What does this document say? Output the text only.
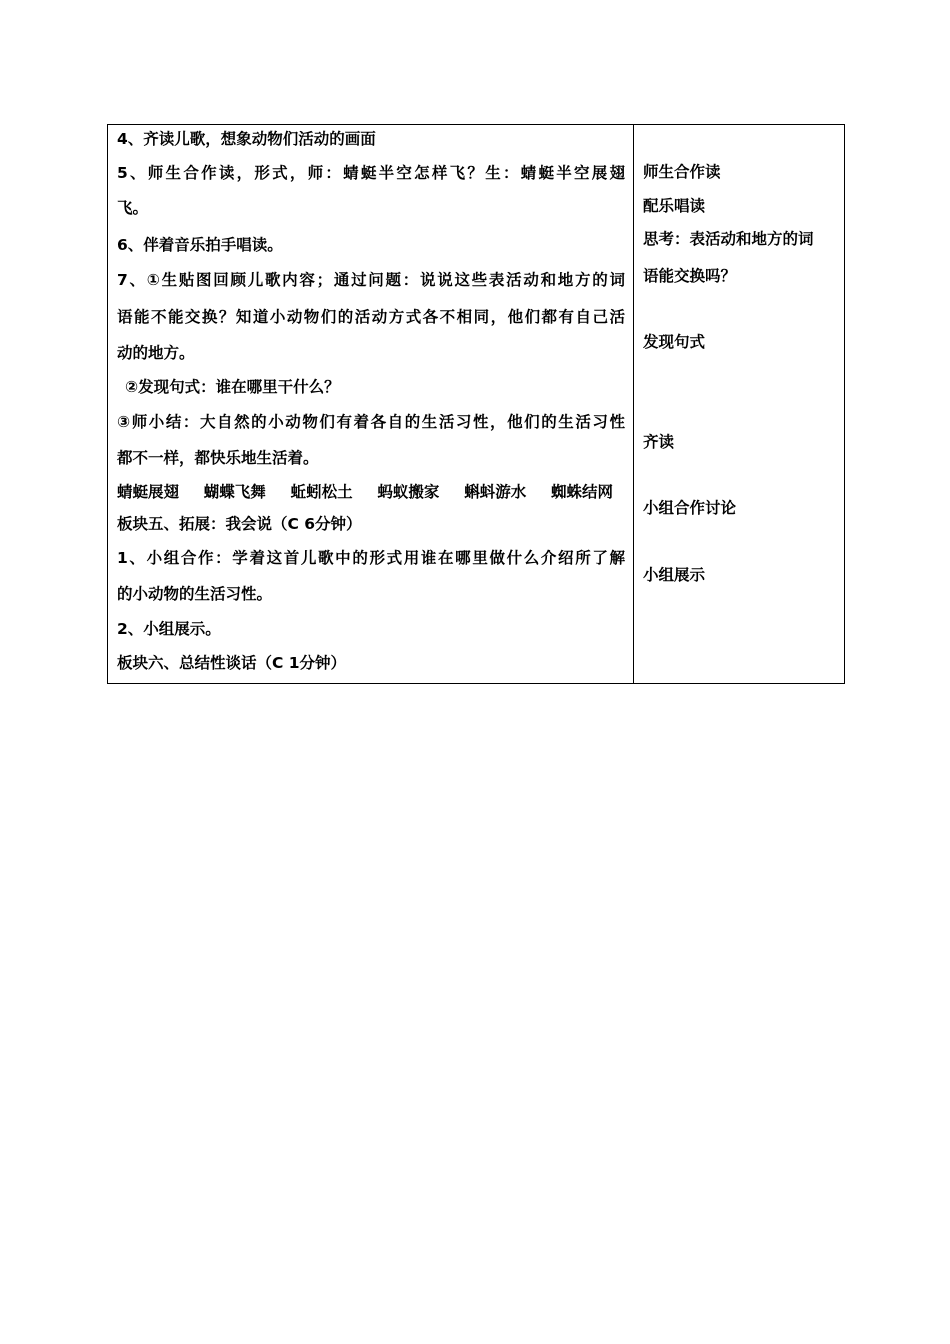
4、齐读儿歌，想象动物们活动的画面
5、师生合作读，形式，师：蜻蜓半空怎样飞？生：蜻蜓半空展翅
飞。
6、伴着音乐拍手唱读。
7、①生贴图回顾儿歌内容；通过问题：说说这些表活动和地方的词
语能不能交换？知道小动物们的活动方式各不相同，他们都有自己活
动的地方。
②发现句式：谁在哪里干什么？
③师小结：大自然的小动物们有着各自的生活习性，他们的生活习性
都不一样，都快乐地生活着。
蜻蜓展翅 蝴蝶飞舞 蚯蚓松土 蚂蚁搬家 蝌蚪游水 蜘蛛结网
板块五、拓展：我会说（C 6分钟）
1、小组合作：学着这首儿歌中的形式用谁在哪里做什么介绍所了解
的小动物的生活习性。
2、小组展示。
板块六、总结性谈话（C 1分钟）
师生合作读
配乐唱读
思考：表活动和地方的词
语能交换吗？
发现句式
齐读
小组合作讨论
小组展示
